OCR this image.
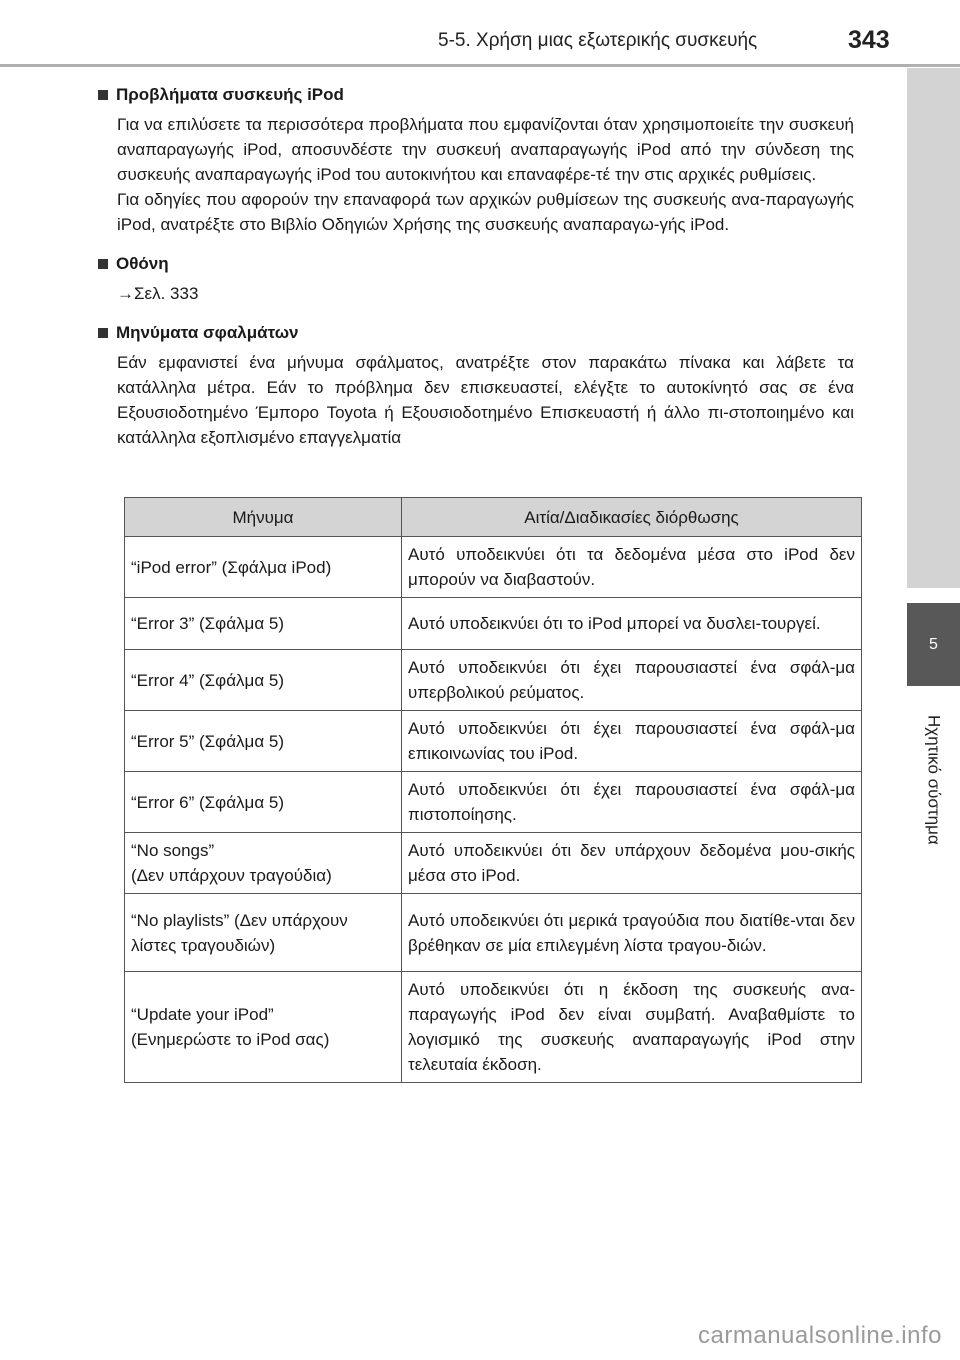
5-5. Χρήση μιας εξωτερικής συσκευής	343
5
Ηχητικό σύστημα
Προβλήματα συσκευής iPod
Για να επιλύσετε τα περισσότερα προβλήματα που εμφανίζονται όταν χρησιμοποιείτε την συσκευή αναπαραγωγής iPod, αποσυνδέστε την συσκευή αναπαραγωγής iPod από την σύνδεση της συσκευής αναπαραγωγής iPod του αυτοκινήτου και επαναφέρε-τέ την στις αρχικές ρυθμίσεις.
Για οδηγίες που αφορούν την επαναφορά των αρχικών ρυθμίσεων της συσκευής ανα-παραγωγής iPod, ανατρέξτε στο Βιβλίο Οδηγιών Χρήσης της συσκευής αναπαραγω-γής iPod.
Οθόνη
→Σελ. 333
Μηνύματα σφαλμάτων
Εάν εμφανιστεί ένα μήνυμα σφάλματος, ανατρέξτε στον παρακάτω πίνακα και λάβετε τα κατάλληλα μέτρα. Εάν το πρόβλημα δεν επισκευαστεί, ελέγξτε το αυτοκίνητό σας σε ένα Εξουσιοδοτημένο Έμπορο Toyota ή Εξουσιοδοτημένο Επισκευαστή ή άλλο πι-στοποιημένο και κατάλληλα εξοπλισμένο επαγγελματία
Μήνυμα	Αιτία/Διαδικασίες διόρθωσης
“iPod error” (Σφάλμα iPod)	Αυτό υποδεικνύει ότι τα δεδομένα μέσα στο iPod δεν μπορούν να διαβαστούν.
“Error 3” (Σφάλμα 5)	Αυτό υποδεικνύει ότι το iPod μπορεί να δυσλει-τουργεί.
“Error 4” (Σφάλμα 5)	Αυτό υποδεικνύει ότι έχει παρουσιαστεί ένα σφάλ-μα υπερβολικού ρεύματος.
“Error 5” (Σφάλμα 5)	Αυτό υποδεικνύει ότι έχει παρουσιαστεί ένα σφάλ-μα επικοινωνίας του iPod.
“Error 6” (Σφάλμα 5)	Αυτό υποδεικνύει ότι έχει παρουσιαστεί ένα σφάλ-μα πιστοποίησης.

“No songs”
(Δεν υπάρχουν τραγούδια)	Αυτό υποδεικνύει ότι δεν υπάρχουν δεδομένα μου-σικής μέσα στο iPod.
“No playlists” (Δεν υπάρχουν λίστες τραγουδιών)	Αυτό υποδεικνύει ότι μερικά τραγούδια που διατίθε-νται δεν βρέθηκαν σε μία επιλεγμένη λίστα τραγου-διών.

“Update your iPod”
(Ενημερώστε το iPod σας)	Αυτό υποδεικνύει ότι η έκδοση της συσκευής ανα-παραγωγής iPod δεν είναι συμβατή. Αναβαθμίστε το λογισμικό της συσκευής αναπαραγωγής iPod στην τελευταία έκδοση.
carmanualsonline.info
